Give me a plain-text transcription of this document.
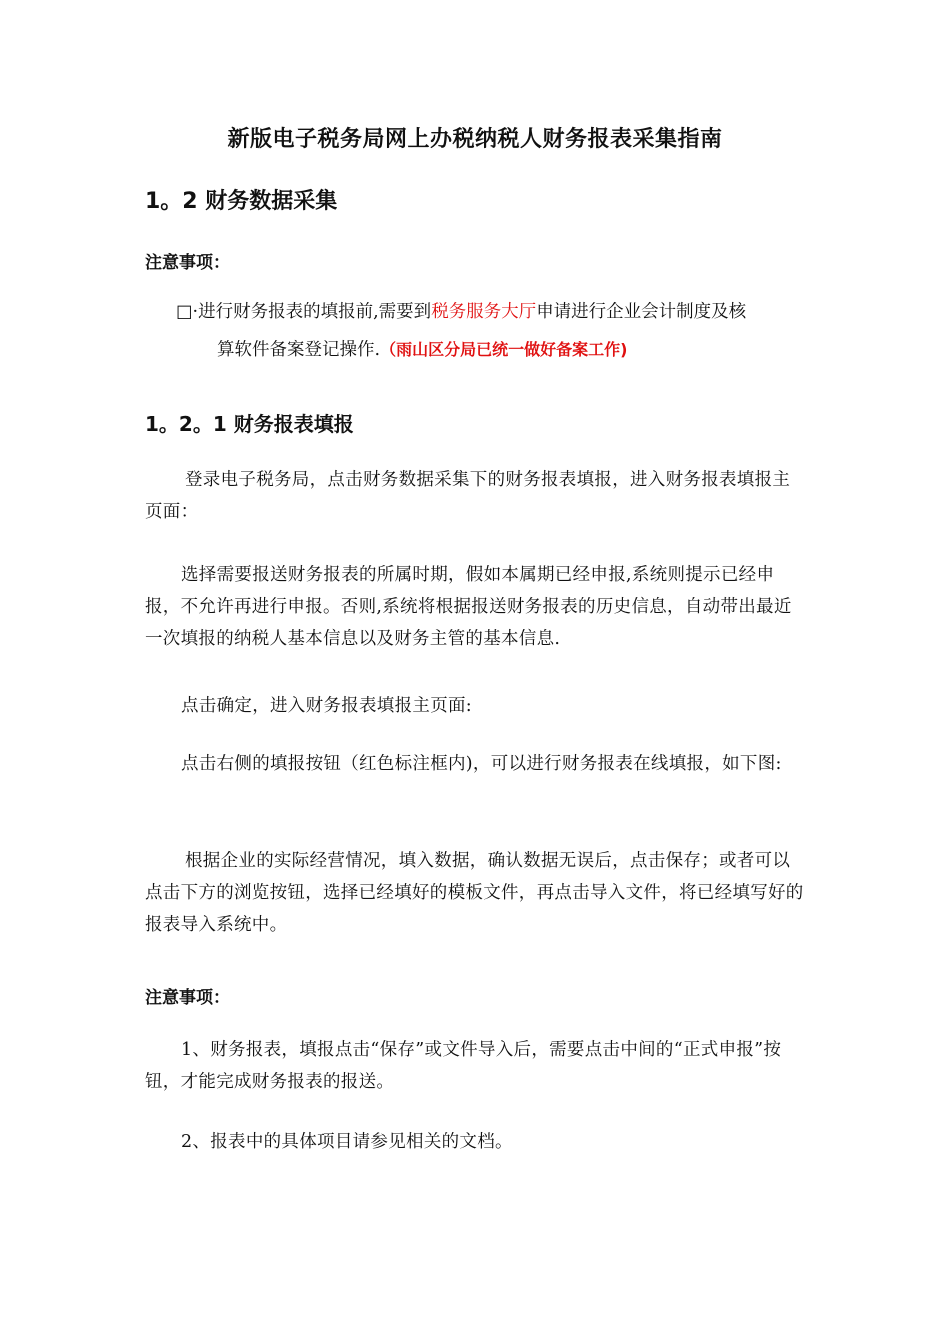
新版电子税务局网上办税纳税人财务报表采集指南
1。2 财务数据采集
注意事项：
□·进行财务报表的填报前,需要到税务服务大厅申请进行企业会计制度及核
算软件备案登记操作.（雨山区分局已统一做好备案工作)
1。2。1 财务报表填报
登录电子税务局，点击财务数据采集下的财务报表填报，进入财务报表填报主页面：
选择需要报送财务报表的所属时期，假如本属期已经申报,系统则提示已经申报，不允许再进行申报。否则,系统将根据报送财务报表的历史信息，自动带出最近一次填报的纳税人基本信息以及财务主管的基本信息.
点击确定，进入财务报表填报主页面:
点击右侧的填报按钮（红色标注框内)，可以进行财务报表在线填报，如下图:
根据企业的实际经营情况，填入数据，确认数据无误后，点击保存；或者可以点击下方的浏览按钮，选择已经填好的模板文件，再点击导入文件，将已经填写好的报表导入系统中。
注意事项：
1、财务报表，填报点击“保存”或文件导入后，需要点击中间的“正式申报”按钮，才能完成财务报表的报送。
2、报表中的具体项目请参见相关的文档。
